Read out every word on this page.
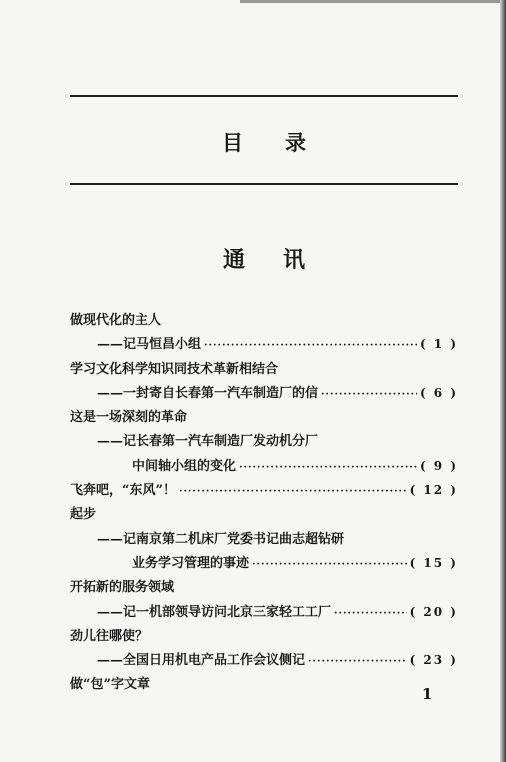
目录
通讯
做现代化的主人
——记马恒昌小组 ·····	( 1 )
学习文化科学知识同技术革新相结合
——一封寄自长春第一汽车制造厂的信 ·····	( 6 )
这是一场深刻的革命
——记长春第一汽车制造厂发动机分厂
中间轴小组的变化 ·····	( 9 )
飞奔吧，“东风”！ ·····	( 12 )
起步
——记南京第二机床厂党委书记曲志超钻研
业务学习管理的事迹 ·····	( 15 )
开拓新的服务领域
——记一机部领导访问北京三家轻工工厂 ·····	( 20 )
劲儿往哪使？
——全国日用机电产品工作会议侧记 ·····	( 23 )
做“包”字文章
1
